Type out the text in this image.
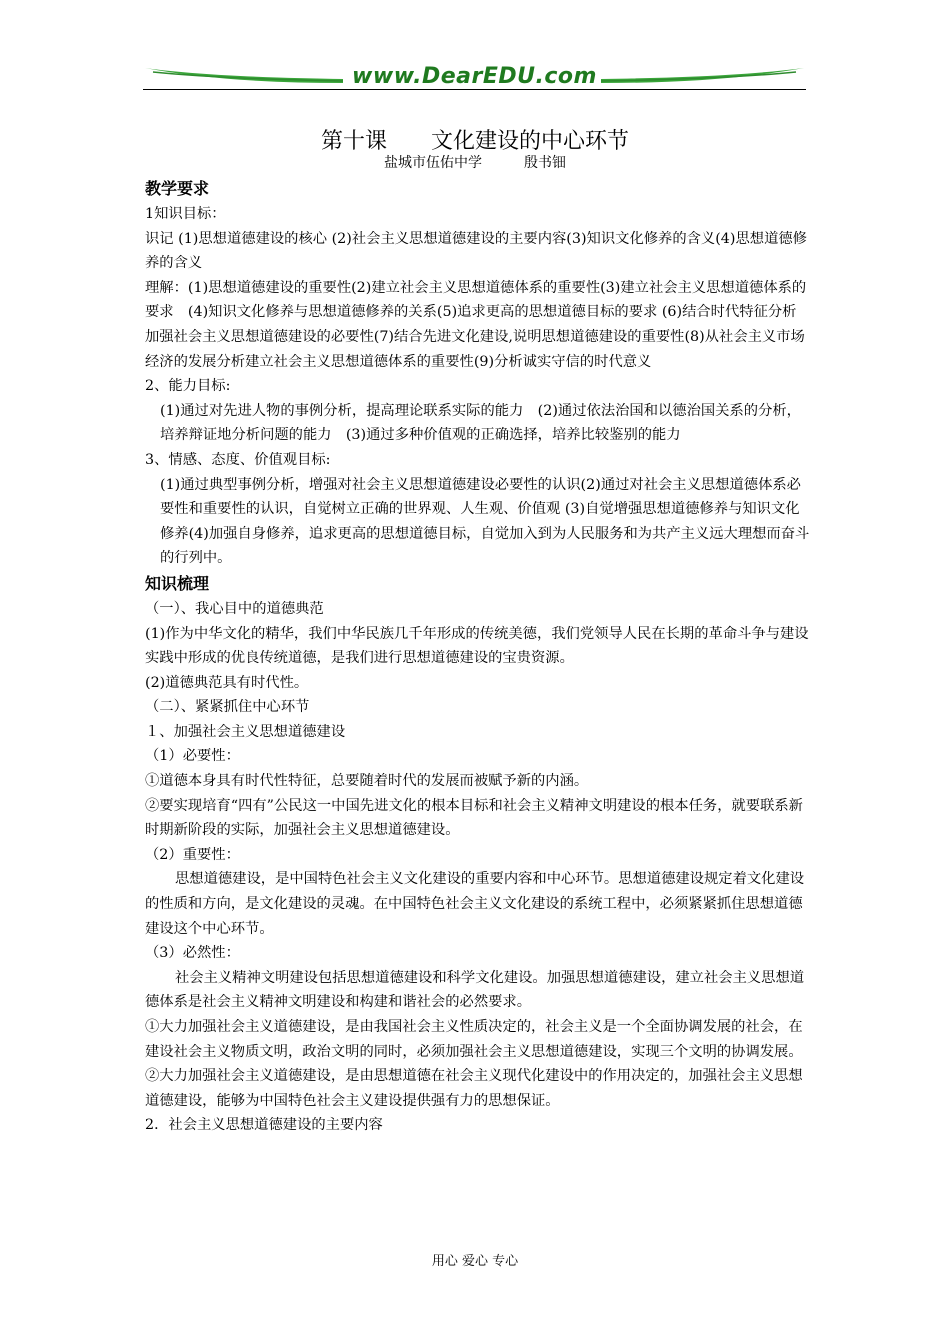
www.DearEDU.com
第十课　　文化建设的中心环节
盐城市伍佑中学　　　殷书钿
教学要求

1知识目标：

识记 (1)思想道德建设的核心 (2)社会主义思想道德建设的主要内容(3)知识文化修养的含义(4)思想道德修养的含义

理解：(1)思想道德建设的重要性(2)建立社会主义思想道德体系的重要性(3)建立社会主义思想道德体系的要求　(4)知识文化修养与思想道德修养的关系(5)追求更高的思想道德目标的要求 (6)结合时代特征分析加强社会主义思想道德建设的必要性(7)结合先进文化建设,说明思想道德建设的重要性(8)从社会主义市场经济的发展分析建立社会主义思想道德体系的重要性(9)分析诚实守信的时代意义

2、能力目标:

(1)通过对先进人物的事例分析，提高理论联系实际的能力　(2)通过依法治国和以德治国关系的分析，培养辩证地分析问题的能力　(3)通过多种价值观的正确选择，培养比较鉴别的能力

3、情感、态度、价值观目标:

(1)通过典型事例分析，增强对社会主义思想道德建设必要性的认识(2)通过对社会主义思想道德体系必要性和重要性的认识，自觉树立正确的世界观、人生观、价值观 (3)自觉增强思想道德修养与知识文化修养(4)加强自身修养，追求更高的思想道德目标，自觉加入到为人民服务和为共产主义远大理想而奋斗的行列中。

知识梳理

（一）、我心目中的道德典范

(1)作为中华文化的精华，我们中华民族几千年形成的传统美德，我们党领导人民在长期的革命斗争与建设实践中形成的优良传统道德，是我们进行思想道德建设的宝贵资源。

(2)道德典范具有时代性。

（二）、紧紧抓住中心环节

１、加强社会主义思想道德建设

（1）必要性：

①道德本身具有时代性特征，总要随着时代的发展而被赋予新的内涵。

②要实现培育“四有”公民这一中国先进文化的根本目标和社会主义精神文明建设的根本任务，就要联系新时期新阶段的实际，加强社会主义思想道德建设。

（2）重要性：

思想道德建设，是中国特色社会主义文化建设的重要内容和中心环节。思想道德建设规定着文化建设的性质和方向，是文化建设的灵魂。在中国特色社会主义文化建设的系统工程中，必须紧紧抓住思想道德建设这个中心环节。

（3）必然性：

社会主义精神文明建设包括思想道德建设和科学文化建设。加强思想道德建设，建立社会主义思想道德体系是社会主义精神文明建设和构建和谐社会的必然要求。

①大力加强社会主义道德建设，是由我国社会主义性质决定的，社会主义是一个全面协调发展的社会，在建设社会主义物质文明，政治文明的同时，必须加强社会主义思想道德建设，实现三个文明的协调发展。

②大力加强社会主义道德建设，是由思想道德在社会主义现代化建设中的作用决定的，加强社会主义思想道德建设，能够为中国特色社会主义建设提供强有力的思想保证。

2．社会主义思想道德建设的主要内容

用心 爱心 专心
